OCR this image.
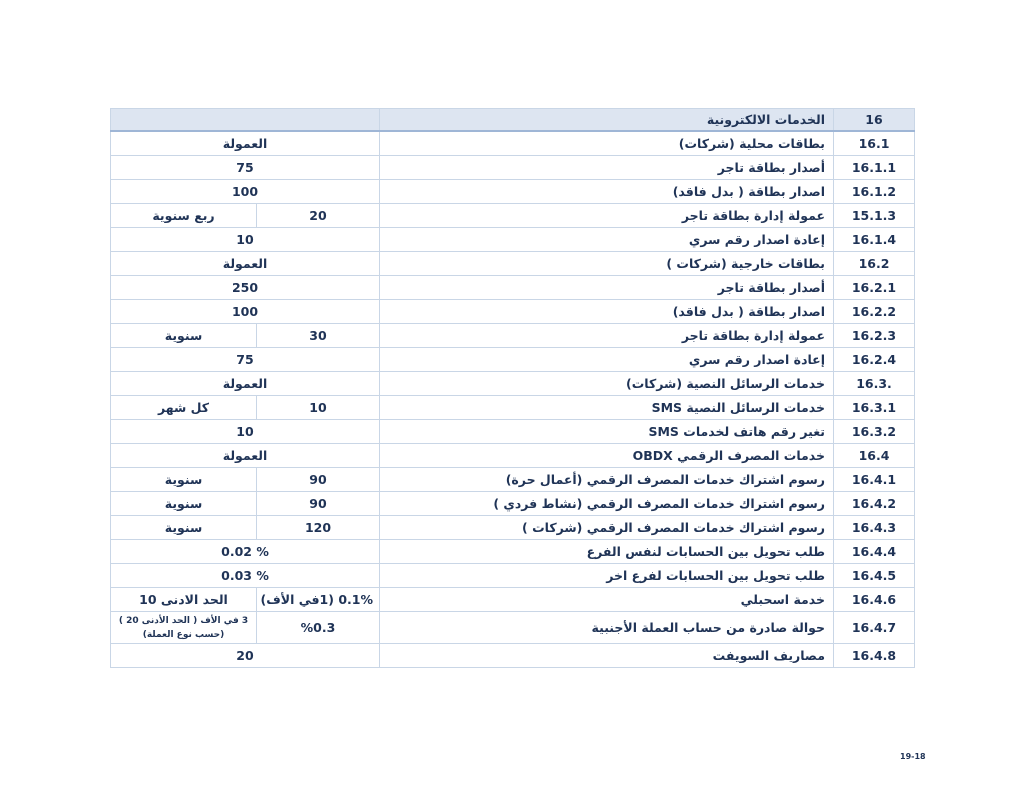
16	الخدمات الالكترونية		
16.1	بطاقات محلية (شركات)	العمولة	
16.1.1	أصدار بطاقة تاجر	75	
16.1.2	اصدار بطاقة ( بدل فاقد)	100	
15.1.3	عمولة إدارة بطاقة تاجر	20	ربع سنوية
16.1.4	إعادة اصدار رقم سري	10	
16.2	بطاقات خارجية (شركات )	العمولة	
16.2.1	أصدار بطاقة تاجر	250	
16.2.2	اصدار بطاقة ( بدل فاقد)	100	
16.2.3	عمولة إدارة بطاقة تاجر	30	سنوية
16.2.4	إعادة اصدار رقم سري	75	
.16.3	خدمات الرسائل النصية (شركات)	العمولة	
16.3.1	خدمات الرسائل النصية SMS	10	كل شهر
16.3.2	تغير رقم هاتف لخدمات SMS	10	
16.4	خدمات المصرف الرقمي OBDX	العمولة	
16.4.1	رسوم اشتراك خدمات المصرف الرقمي (أعمال حرة)	90	سنوية
16.4.2	رسوم اشتراك خدمات المصرف الرقمي (نشاط فردي )	90	سنوية
16.4.3	رسوم اشتراك خدمات المصرف الرقمي (شركات )	120	سنوية
16.4.4	طلب تحويل بين الحسابات لنفس الفرع	% 0.02	
16.4.5	طلب تحويل بين الحسابات لفرع اخر	% 0.03	
16.4.6	خدمة اسحبلي	0.1% (1في الأف)	الحد الادنى 10
16.4.7	حوالة صادرة من حساب العملة الأجنبية	%0.3	3 في الأف ( الحد الأدنى 20 ) (حسب نوع العملة)
16.4.8	مصاريف السويفت	20	
19-18
